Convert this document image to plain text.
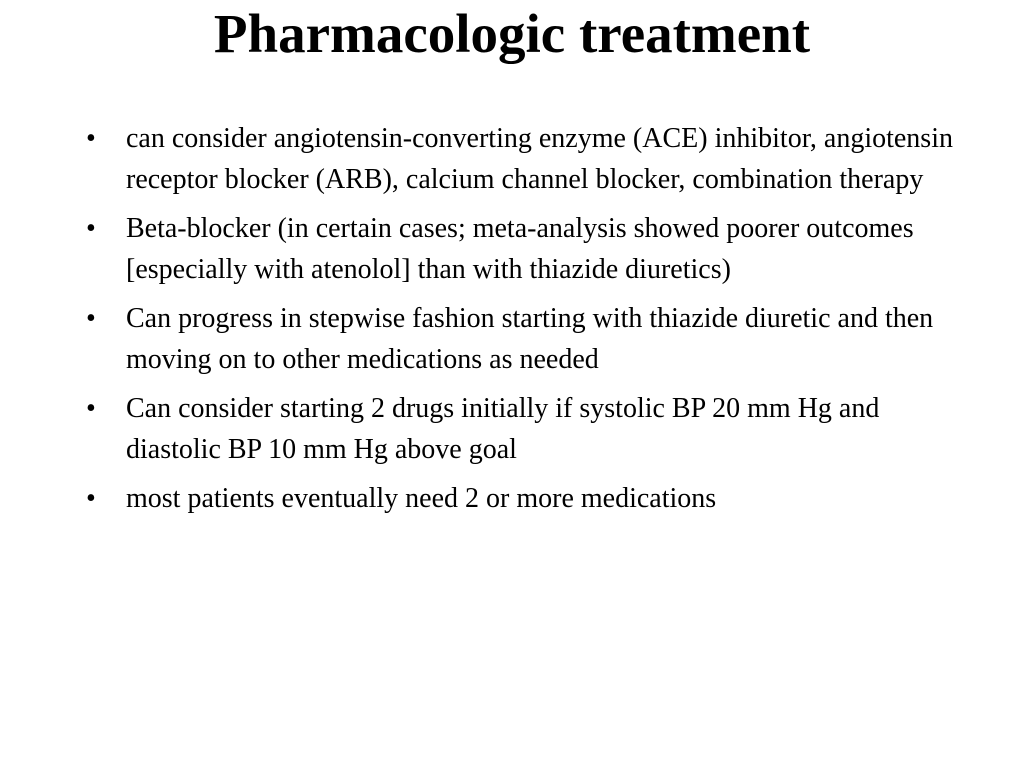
Pharmacologic treatment
•	can consider angiotensin-converting enzyme (ACE) inhibitor, angiotensin receptor blocker (ARB), calcium channel blocker, combination therapy
•	Beta-blocker (in certain cases; meta-analysis showed poorer outcomes [especially with atenolol] than with thiazide diuretics)
•	Can progress in stepwise fashion starting with thiazide diuretic and then moving on to other medications as needed
•	Can consider starting 2 drugs initially if systolic BP 20 mm Hg and diastolic BP 10 mm Hg above goal
•	most patients eventually need 2 or more medications
